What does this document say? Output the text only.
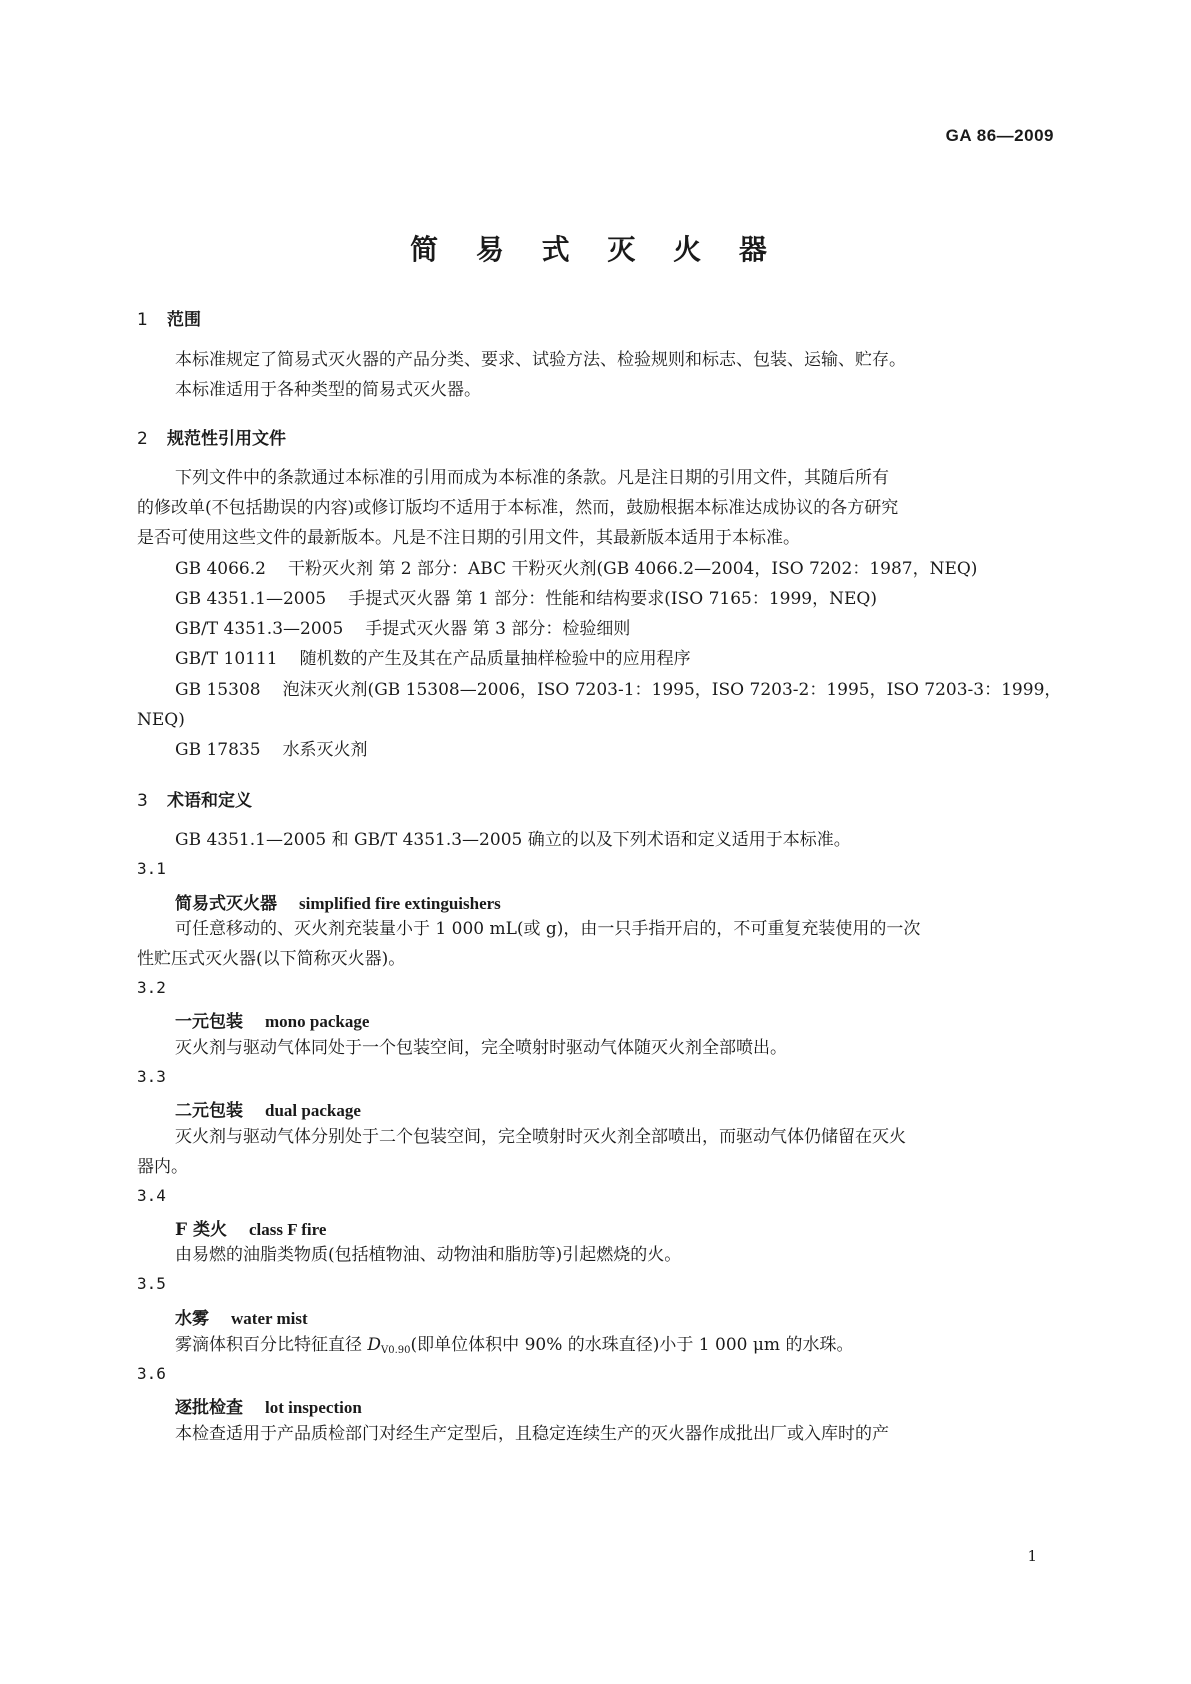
GA 86—2009
简 易 式 灭 火 器
1 范围
本标准规定了简易式灭火器的产品分类、要求、试验方法、检验规则和标志、包装、运输、贮存。
本标准适用于各种类型的简易式灭火器。
2 规范性引用文件
下列文件中的条款通过本标准的引用而成为本标准的条款。凡是注日期的引用文件，其随后所有
的修改单(不包括勘误的内容)或修订版均不适用于本标准，然而，鼓励根据本标准达成协议的各方研究
是否可使用这些文件的最新版本。凡是不注日期的引用文件，其最新版本适用于本标准。
GB 4066.2 干粉灭火剂 第 2 部分：ABC 干粉灭火剂(GB 4066.2—2004，ISO 7202：1987，NEQ)
GB 4351.1—2005 手提式灭火器 第 1 部分：性能和结构要求(ISO 7165：1999，NEQ)
GB/T 4351.3—2005 手提式灭火器 第 3 部分：检验细则
GB/T 10111 随机数的产生及其在产品质量抽样检验中的应用程序
GB 15308 泡沫灭火剂(GB 15308—2006，ISO 7203-1：1995，ISO 7203-2：1995，ISO 7203-3：1999，
NEQ)
GB 17835 水系灭火剂
3 术语和定义
GB 4351.1—2005 和 GB/T 4351.3—2005 确立的以及下列术语和定义适用于本标准。
3.1
简易式灭火器 simplified fire extinguishers
可任意移动的、灭火剂充装量小于 1 000 mL(或 g)，由一只手指开启的，不可重复充装使用的一次
性贮压式灭火器(以下简称灭火器)。
3.2
一元包装 mono package
灭火剂与驱动气体同处于一个包装空间，完全喷射时驱动气体随灭火剂全部喷出。
3.3
二元包装 dual package
灭火剂与驱动气体分别处于二个包装空间，完全喷射时灭火剂全部喷出，而驱动气体仍储留在灭火
器内。
3.4
F 类火 class F fire
由易燃的油脂类物质(包括植物油、动物油和脂肪等)引起燃烧的火。
3.5
水雾 water mist
雾滴体积百分比特征直径 $D_{V0.90}$(即单位体积中 90% 的水珠直径)小于 1 000 μm 的水珠。
3.6
逐批检查 lot inspection
本检查适用于产品质检部门对经生产定型后，且稳定连续生产的灭火器作成批出厂或入库时的产
1
